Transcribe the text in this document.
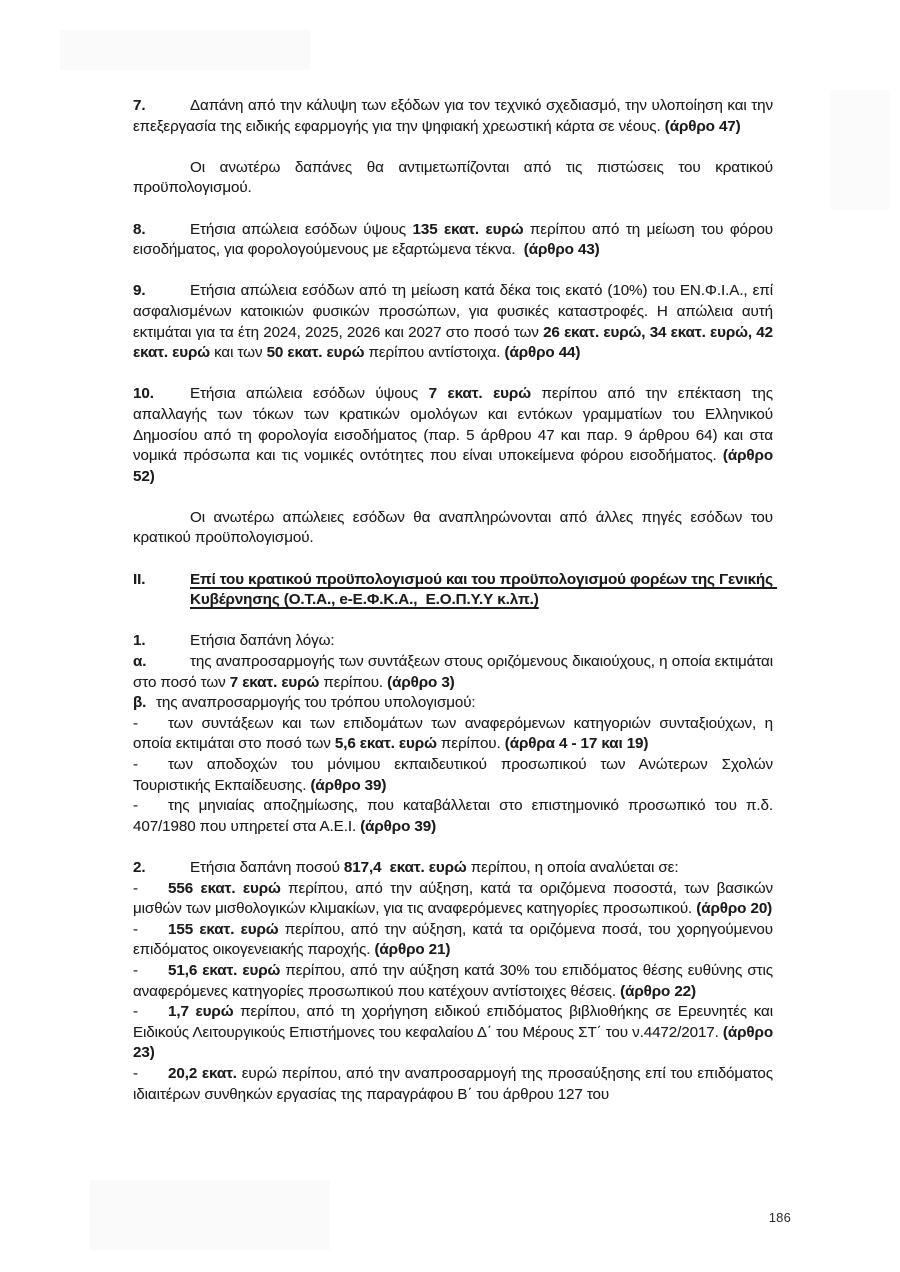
7.	Δαπάνη από την κάλυψη των εξόδων για τον τεχνικό σχεδιασμό, την υλοποίηση και την επεξεργασία της ειδικής εφαρμογής για την ψηφιακή χρεωστική κάρτα σε νέους. (άρθρο 47)
Οι ανωτέρω δαπάνες θα αντιμετωπίζονται από τις πιστώσεις του κρατικού προϋπολογισμού.
8.	Ετήσια απώλεια εσόδων ύψους 135 εκατ. ευρώ περίπου από τη μείωση του φόρου εισοδήματος, για φορολογούμενους με εξαρτώμενα τέκνα.  (άρθρο 43)
9.	Ετήσια απώλεια εσόδων από τη μείωση κατά δέκα τοις εκατό (10%) του ΕΝ.Φ.Ι.Α., επί ασφαλισμένων κατοικιών φυσικών προσώπων, για φυσικές καταστροφές. Η απώλεια αυτή εκτιμάται για τα έτη 2024, 2025, 2026 και 2027 στο ποσό των 26 εκατ. ευρώ, 34 εκατ. ευρώ, 42 εκατ. ευρώ και των 50 εκατ. ευρώ περίπου αντίστοιχα. (άρθρο 44)
10. Ετήσια απώλεια εσόδων ύψους 7 εκατ. ευρώ περίπου από την επέκταση της απαλλαγής των τόκων των κρατικών ομολόγων και εντόκων γραμματίων του Ελληνικού Δημοσίου από τη φορολογία εισοδήματος (παρ. 5 άρθρου 47 και παρ. 9 άρθρου 64) και στα νομικά πρόσωπα και τις νομικές οντότητες που είναι υποκείμενα φόρου εισοδήματος. (άρθρο 52)
Οι ανωτέρω απώλειες εσόδων θα αναπληρώνονται από άλλες πηγές εσόδων του κρατικού προϋπολογισμού.
II.	Επί του κρατικού προϋπολογισμού και του προϋπολογισμού φορέων της Γενικής Κυβέρνησης (Ο.Τ.Α., e-Ε.Φ.Κ.Α.,  Ε.Ο.Π.Υ.Υ κ.λπ.)
1.	Ετήσια δαπάνη λόγω:
α.	της αναπροσαρμογής των συντάξεων στους οριζόμενους δικαιούχους, η οποία εκτιμάται στο ποσό των 7 εκατ. ευρώ περίπου. (άρθρο 3)
β. της αναπροσαρμογής του τρόπου υπολογισμού:
- των συντάξεων και των επιδομάτων των αναφερόμενων κατηγοριών συνταξιούχων, η οποία εκτιμάται στο ποσό των 5,6 εκατ. ευρώ περίπου. (άρθρα 4 - 17 και 19)
- των αποδοχών του μόνιμου εκπαιδευτικού προσωπικού των Ανώτερων Σχολών Τουριστικής Εκπαίδευσης. (άρθρο 39)
- της μηνιαίας αποζημίωσης, που καταβάλλεται στο επιστημονικό προσωπικό του π.δ. 407/1980 που υπηρετεί στα Α.Ε.Ι. (άρθρο 39)
2.	Ετήσια δαπάνη ποσού 817,4  εκατ. ευρώ περίπου, η οποία αναλύεται σε:
- 556 εκατ. ευρώ περίπου, από την αύξηση, κατά τα οριζόμενα ποσοστά, των βασικών μισθών των μισθολογικών κλιμακίων, για τις αναφερόμενες κατηγορίες προσωπικού. (άρθρο 20)
- 155 εκατ. ευρώ περίπου, από την αύξηση, κατά τα οριζόμενα ποσά, του χορηγούμενου επιδόματος οικογενειακής παροχής. (άρθρο 21)
- 51,6 εκατ. ευρώ περίπου, από την αύξηση κατά 30% του επιδόματος θέσης ευθύνης στις αναφερόμενες κατηγορίες προσωπικού που κατέχουν αντίστοιχες θέσεις. (άρθρο 22)
- 1,7 ευρώ περίπου, από τη χορήγηση ειδικού επιδόματος βιβλιοθήκης σε Ερευνητές και Ειδικούς Λειτουργικούς Επιστήμονες του κεφαλαίου Δ΄ του Μέρους ΣΤ΄ του ν.4472/2017. (άρθρο 23)
- 20,2 εκατ. ευρώ περίπου, από την αναπροσαρμογή της προσαύξησης επί του επιδόματος ιδιαιτέρων συνθηκών εργασίας της παραγράφου Β΄ του άρθρου 127 του
186
